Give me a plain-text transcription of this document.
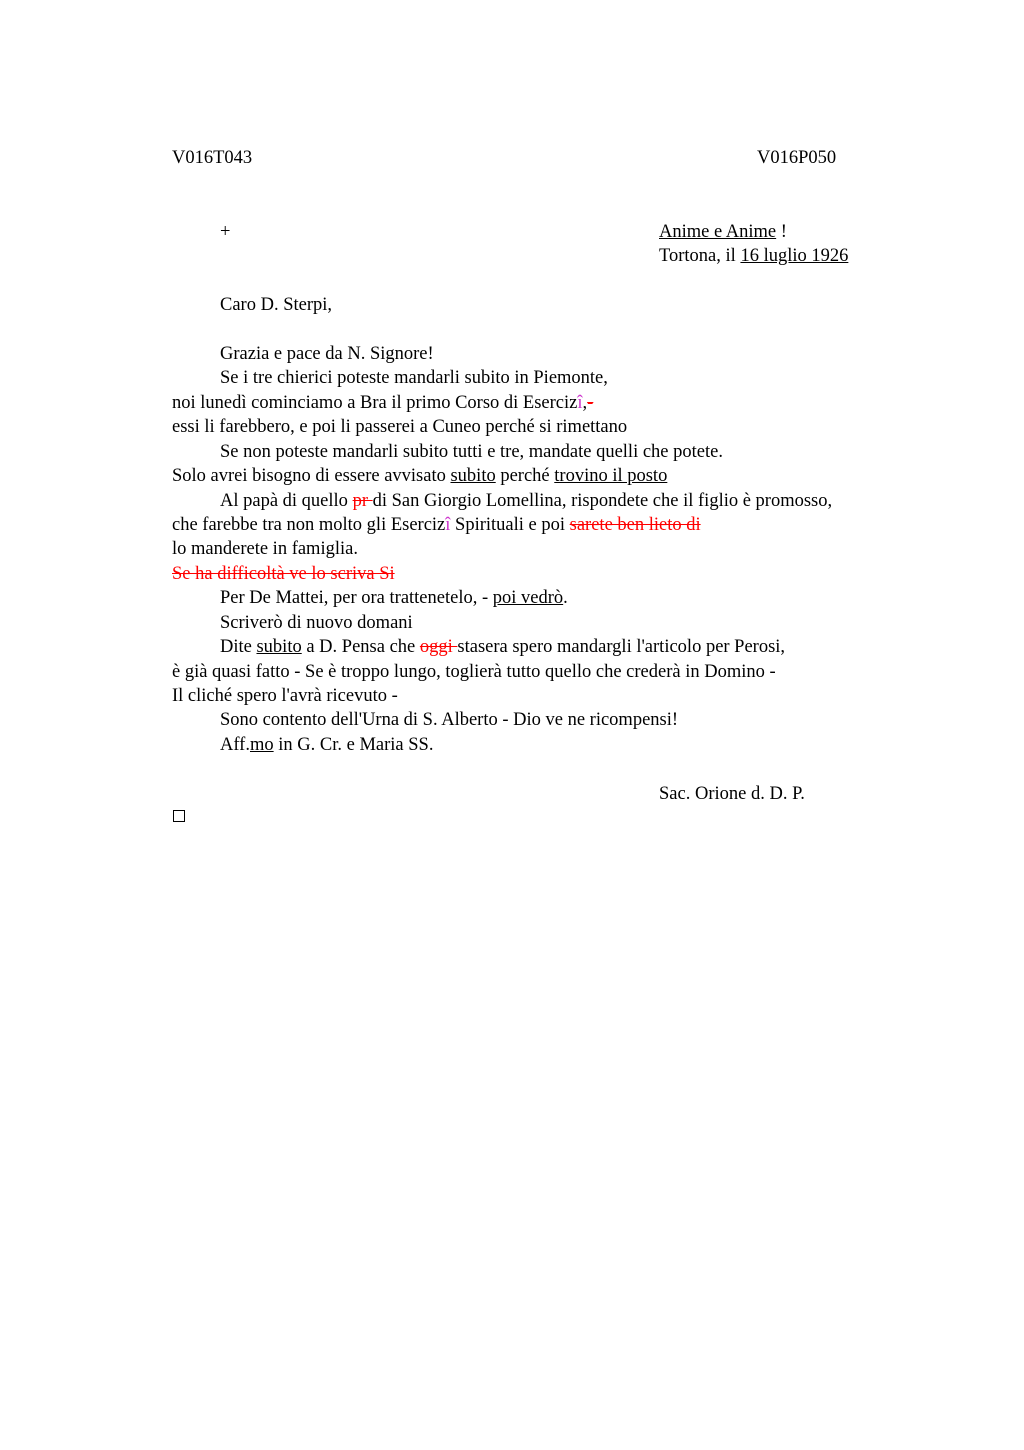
V016T043	V016P050
+	Anime e Anime !
Tortona, il 16 luglio 1926
Caro D. Sterpi,
Grazia e pace da N. Signore!
Se i tre chierici poteste mandarli subito in Piemonte,
noi lunedì cominciamo a Bra il primo Corso di Esercizî,-
essi li farebbero, e poi li passerei a Cuneo perché si rimettano
Se non poteste mandarli subito tutti e tre, mandate quelli che potete.
Solo avrei bisogno di essere avvisato subito perché trovino il posto
Al papà di quello pr di San Giorgio Lomellina, rispondete che il figlio è promosso,
che farebbe tra non molto gli Esercizî Spirituali e poi sarete ben lieto di
lo manderete in famiglia.
Se ha difficoltà ve lo scriva Si
Per De Mattei, per ora trattenetelo, - poi vedrò.
Scriverò di nuovo domani
Dite subito a D. Pensa che oggi stasera spero mandargli l'articolo per Perosi,
è già quasi fatto - Se è troppo lungo, toglierà tutto quello che crederà in Domino -
Il cliché spero l'avrà ricevuto -
Sono contento dell'Urna di S. Alberto - Dio ve ne ricompensi!
Aff.mo in G. Cr. e Maria SS.
Sac. Orione d. D. P.
